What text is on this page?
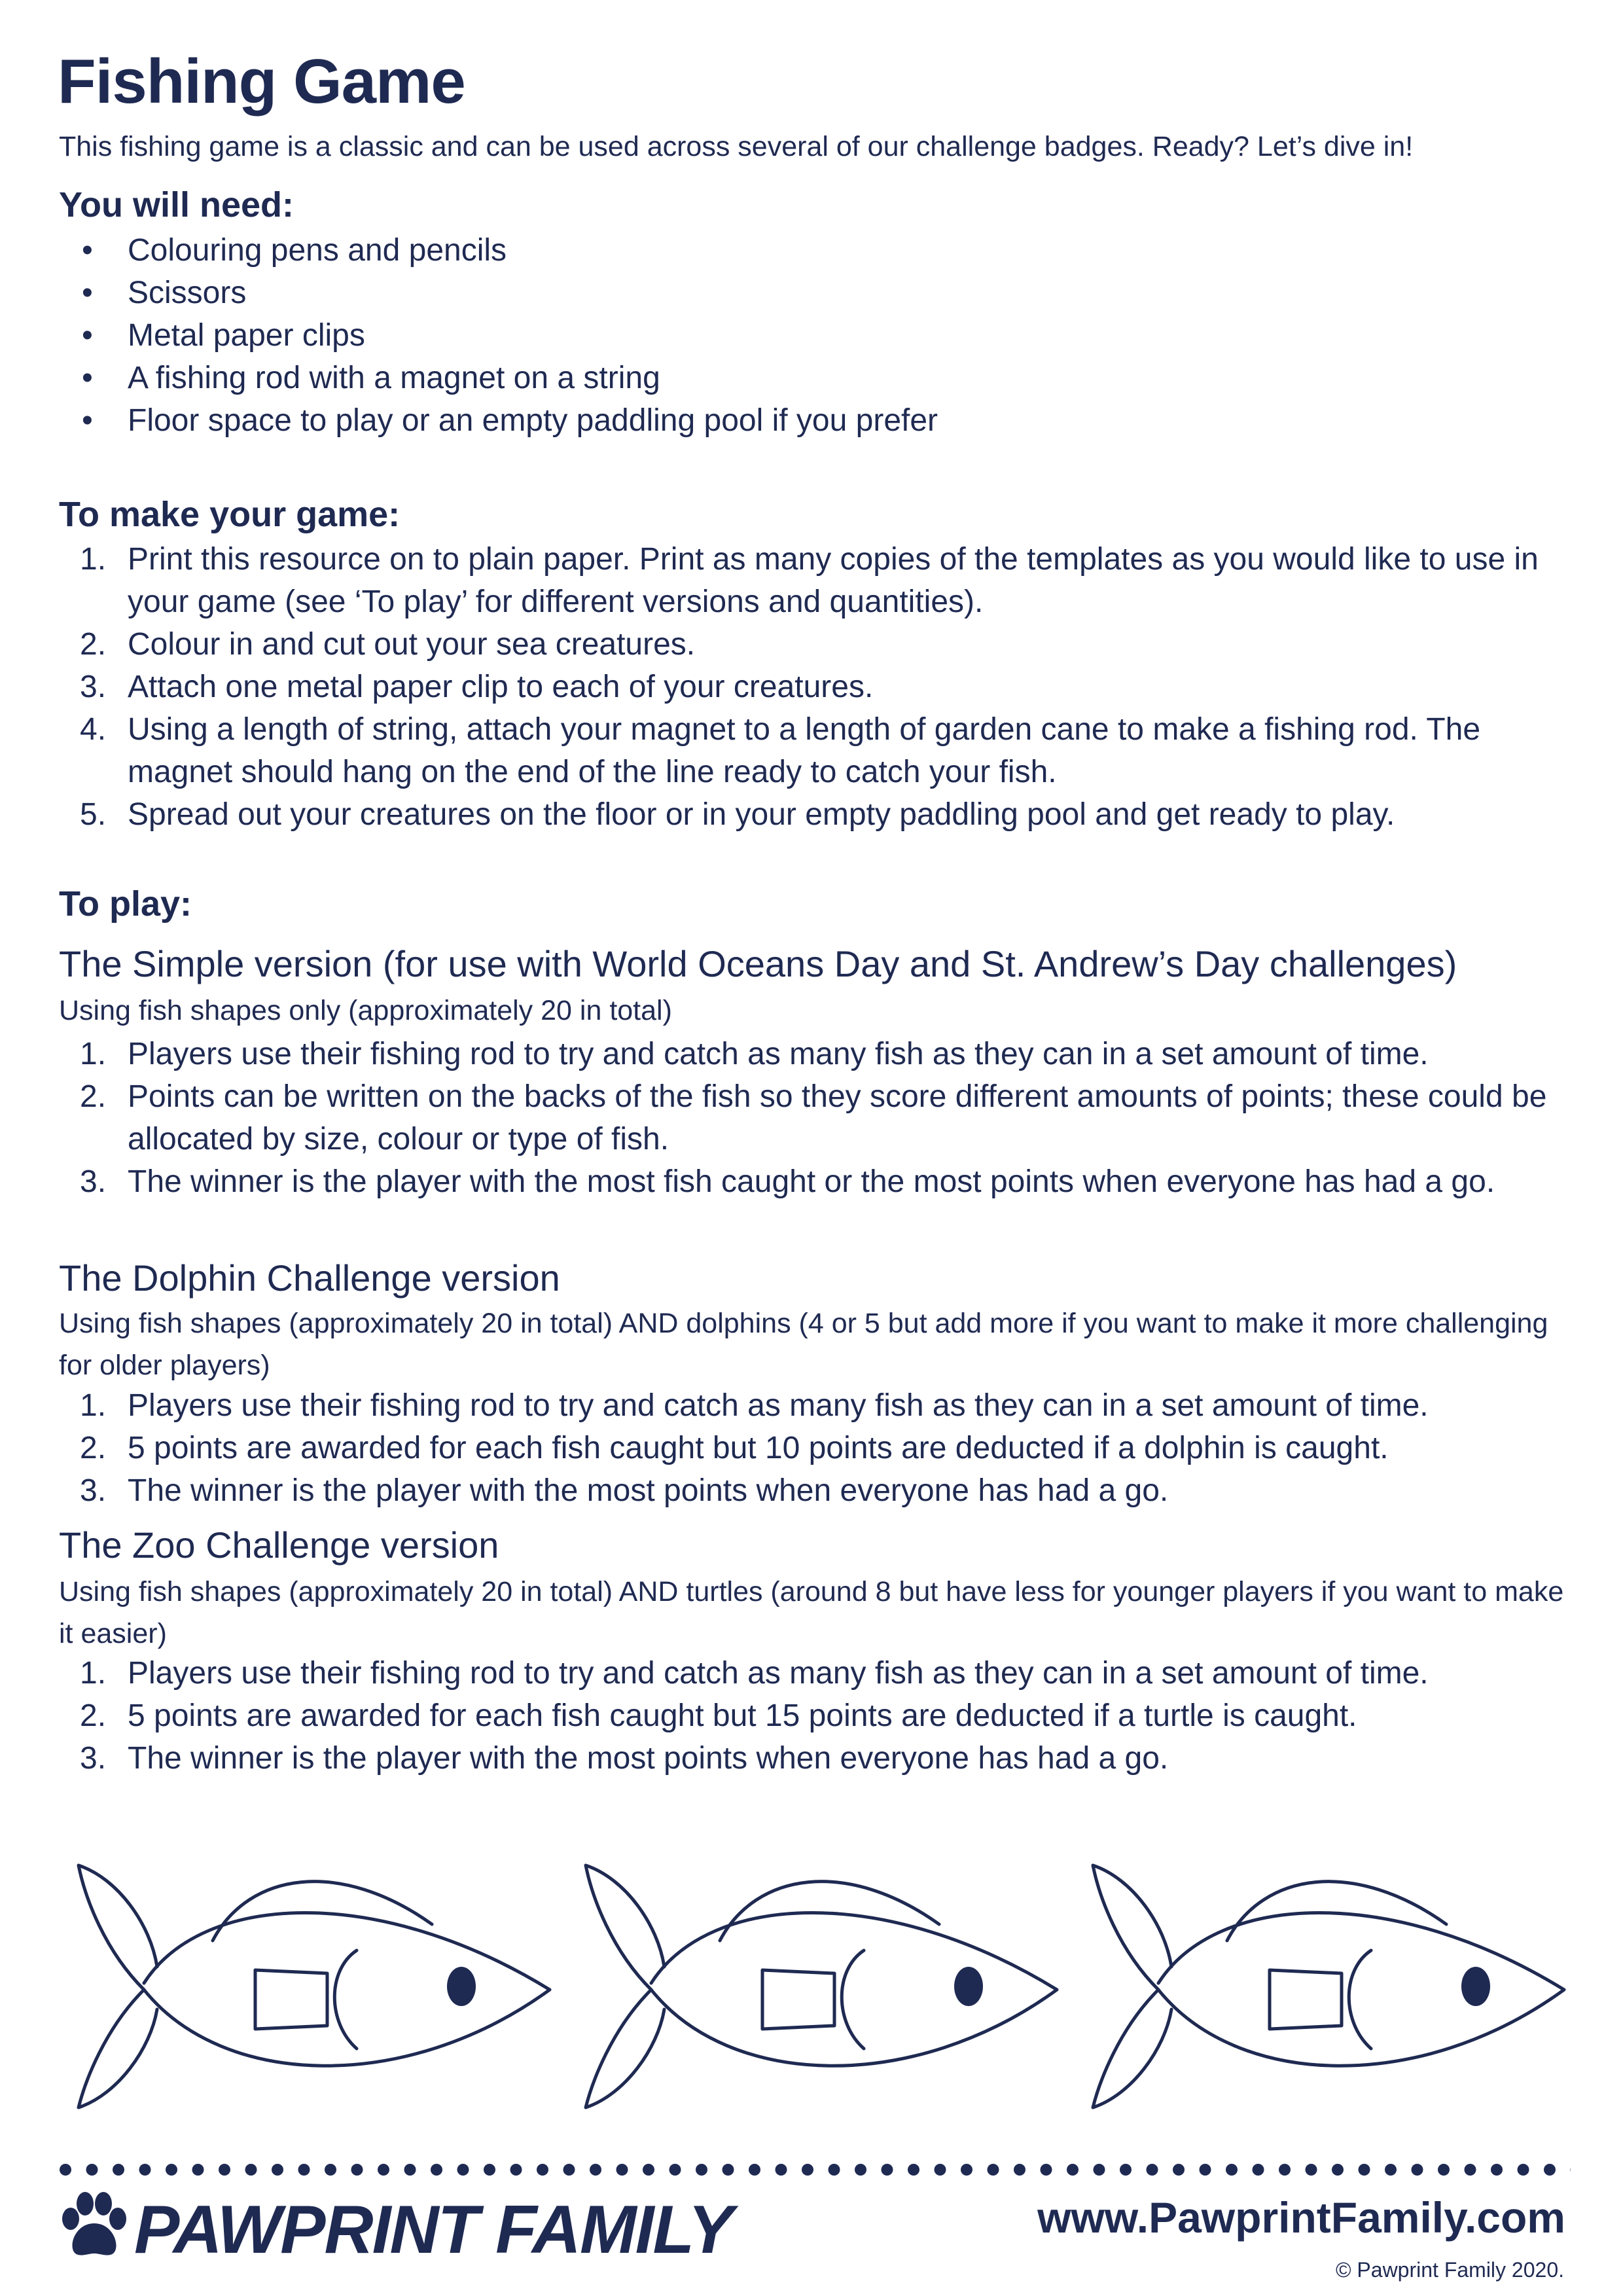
Fishing Game

This fishing game is a classic and can be used across several of our challenge badges. Ready? Let’s dive in!

You will need:

• Colouring pens and pencils
• Scissors
• Metal paper clips
• A fishing rod with a magnet on a string
• Floor space to play or an empty paddling pool if you prefer

To make your game:

1. Print this resource on to plain paper. Print as many copies of the templates as you would like to use in your game (see ‘To play’ for different versions and quantities).
2. Colour in and cut out your sea creatures.
3. Attach one metal paper clip to each of your creatures.
4. Using a length of string, attach your magnet to a length of garden cane to make a fishing rod. The magnet should hang on the end of the line ready to catch your fish.
5. Spread out your creatures on the floor or in your empty paddling pool and get ready to play.

To play:

The Simple version (for use with World Oceans Day and St. Andrew’s Day challenges)

Using fish shapes only (approximately 20 in total)

1. Players use their fishing rod to try and catch as many fish as they can in a set amount of time.
2. Points can be written on the backs of the fish so they score different amounts of points; these could be allocated by size, colour or type of fish.
3. The winner is the player with the most fish caught or the most points when everyone has had a go.

The Dolphin Challenge version

Using fish shapes (approximately 20 in total) AND dolphins (4 or 5 but add more if you want to make it more challenging for older players)

1. Players use their fishing rod to try and catch as many fish as they can in a set amount of time.
2. 5 points are awarded for each fish caught but 10 points are deducted if a dolphin is caught.
3. The winner is the player with the most points when everyone has had a go.

The Zoo Challenge version

Using fish shapes (approximately 20 in total) AND turtles (around 8 but have less for younger players if you want to make it easier)

1. Players use their fishing rod to try and catch as many fish as they can in a set amount of time.
2. 5 points are awarded for each fish caught but 15 points are deducted if a turtle is caught.
3. The winner is the player with the most points when everyone has had a go.

PAWPRINT FAMILY	www.PawprintFamily.com

© Pawprint Family 2020.
